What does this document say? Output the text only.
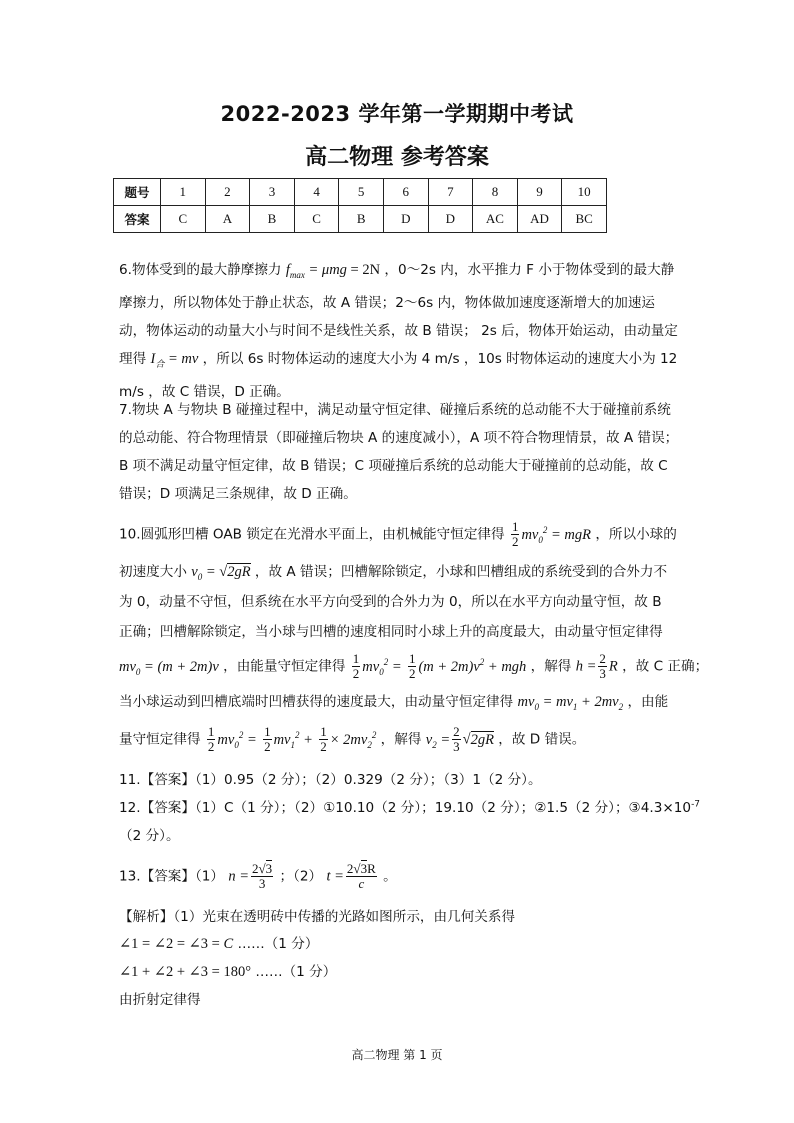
2022-2023 学年第一学期期中考试
高二物理 参考答案
题号	1	2	3	4	5	6	7	8	9	10
答案	C	A	B	C	B	D	D	AC	AD	BC
6.物体受到的最大静摩擦力 $f_{max} = \mu mg = 2N$ ，0～2s 内，水平推力 F 小于物体受到的最大静摩擦力，所以物体处于静止状态，故 A 错误；2～6s 内，物体做加速度逐渐增大的加速运动，物体运动的动量大小与时间不是线性关系，故 B 错误； 2s 后，物体开始运动，由动量定理得 $I_合$ = mv ，所以 6s 时物体运动的速度大小为 4 m/s ，10s 时物体运动的速度大小为 12 m/s ，故 C 错误，D 正确。
7.物块 A 与物块 B 碰撞过程中，满足动量守恒定律、碰撞后系统的总动能不大于碰撞前系统的总动能、符合物理情景（即碰撞后物块 A 的速度减小），A 项不符合物理情景，故 A 错误；B 项不满足动量守恒定律，故 B 错误；C 项碰撞后系统的总动能大于碰撞前的总动能，故 C 错误；D 项满足三条规律，故 D 正确。
10.圆弧形凹槽 OAB 锁定在光滑水平面上，由机械能守恒定律得 $\frac{1}{2} mv_0^2$ = mgR ，所以小球的
初速度大小 $v_0 = √2gR$ ，故 A 错误；凹槽解除锁定，小球和凹槽组成的系统受到的合外力不
为 0，动量不守恒，但系统在水平方向受到的合外力为 0，所以在水平方向动量守恒，故 B
正确；凹槽解除锁定，当小球与凹槽的速度相同时小球上升的高度最大，由动量守恒定律得
$mv_0 = (m + 2m)v$ ，由能量守恒定律得 $\frac{1}{2} mv_0^2 = \frac{1}{2} (m + 2m)v^2$ + mgh ，解得 $h = \frac{2}{3}$ R ，故 C 正确；
当小球运动到凹槽底端时凹槽获得的速度最大，由动量守恒定律得 $mv_0 = mv_1 + 2mv_2$ ，由能
量守恒定律得 $\frac{1}{2} mv_0^2 = \frac{1}{2} mv_1^2 + \frac{1}{2} \times 2mv_2^2$ ，解得 $v_2 = \frac{2}{3} √2gR$ ，故 D 错误。
11.【答案】（1）0.95（2 分）；（2）0.329（2 分）；（3）1（2 分）。
12.【答案】（1）C（1 分）；（2）①10.10（2 分）；19.10（2 分）；②1.5（2 分）；$③4.3\times 10^{-7}$
（2 分）。
13.【答案】（1） $n = \frac{2√3}{3}$ ；（2） $t = \frac{2√3R}{c}$ 。
【解析】（1）光束在透明砖中传播的光路如图所示，由几何关系得
∠1 = ∠2 = ∠3 = C ……（1 分）
∠1 + ∠2 + ∠3 = 180° ……（1 分）
由折射定律得
高二物理 第 1 页
